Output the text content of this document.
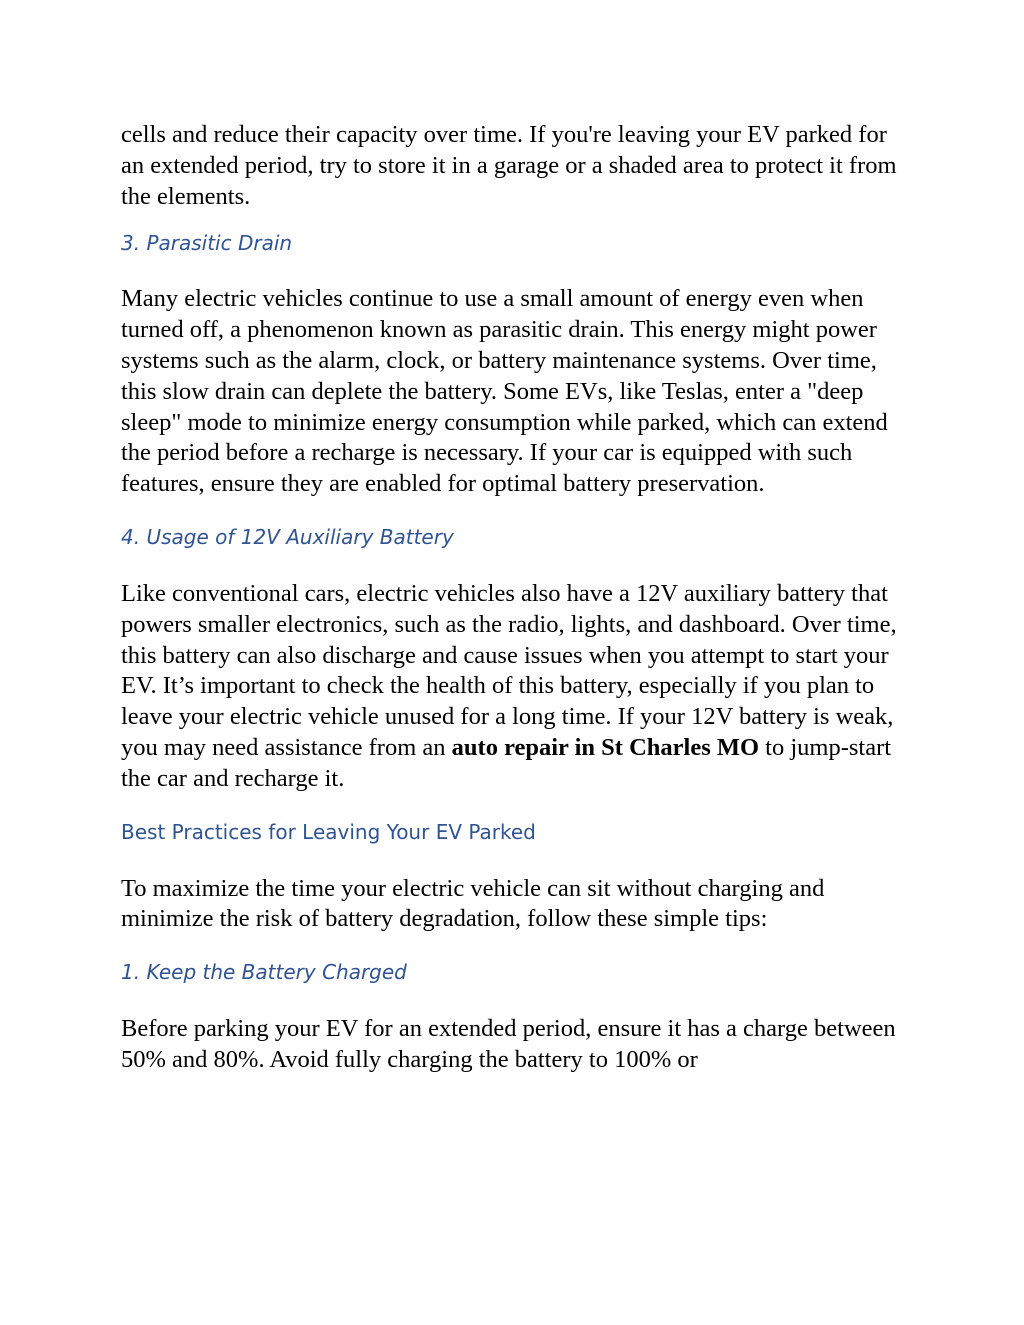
cells and reduce their capacity over time. If you're leaving your EV parked for an extended period, try to store it in a garage or a shaded area to protect it from the elements.

3. Parasitic Drain

Many electric vehicles continue to use a small amount of energy even when turned off, a phenomenon known as parasitic drain. This energy might power systems such as the alarm, clock, or battery maintenance systems. Over time, this slow drain can deplete the battery. Some EVs, like Teslas, enter a "deep sleep" mode to minimize energy consumption while parked, which can extend the period before a recharge is necessary. If your car is equipped with such features, ensure they are enabled for optimal battery preservation.

4. Usage of 12V Auxiliary Battery

Like conventional cars, electric vehicles also have a 12V auxiliary battery that powers smaller electronics, such as the radio, lights, and dashboard. Over time, this battery can also discharge and cause issues when you attempt to start your EV. It’s important to check the health of this battery, especially if you plan to leave your electric vehicle unused for a long time. If your 12V battery is weak, you may need assistance from an auto repair in St Charles MO to jump-start the car and recharge it.

Best Practices for Leaving Your EV Parked

To maximize the time your electric vehicle can sit without charging and minimize the risk of battery degradation, follow these simple tips:

1. Keep the Battery Charged

Before parking your EV for an extended period, ensure it has a charge between 50% and 80%. Avoid fully charging the battery to 100% or
